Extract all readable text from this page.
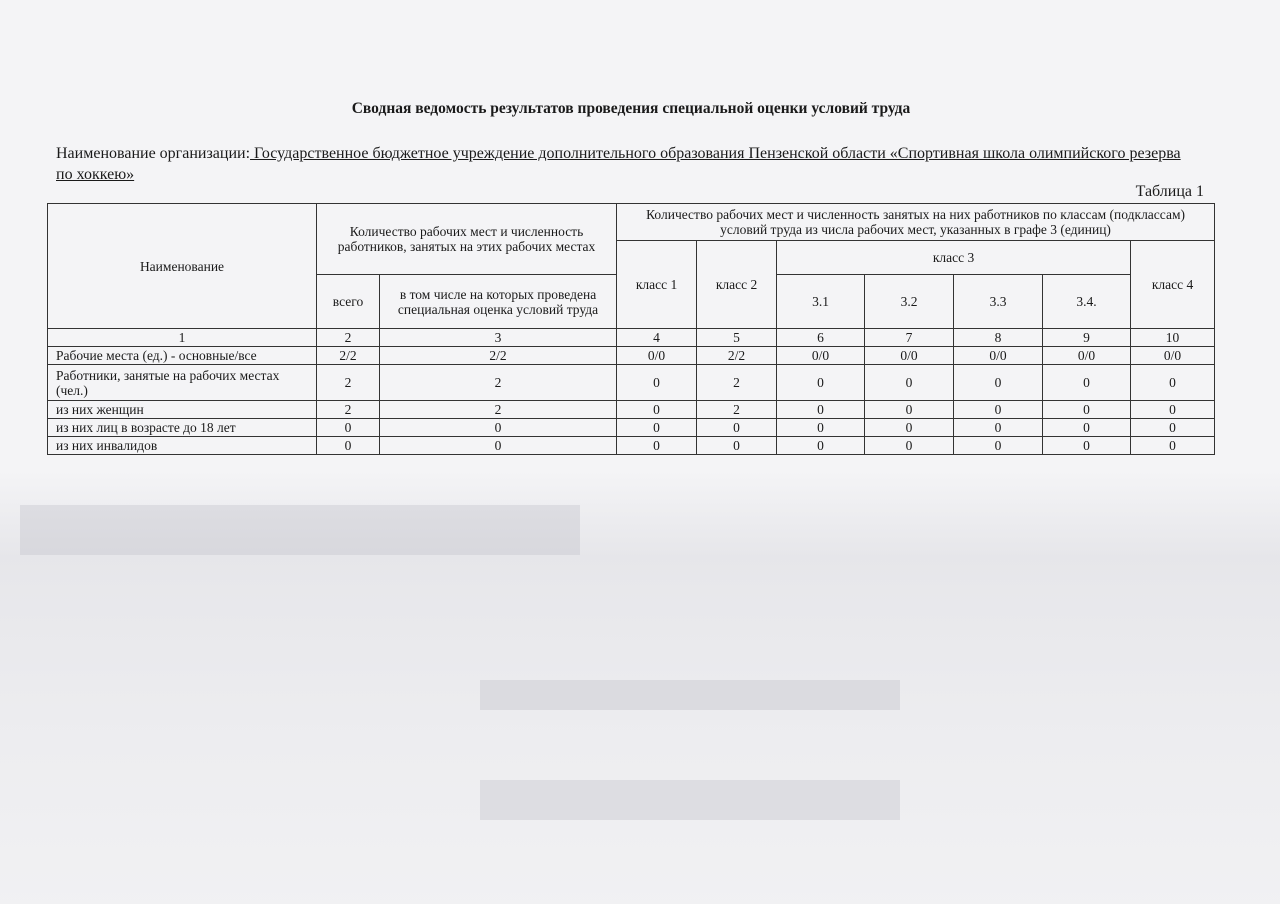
Сводная ведомость результатов проведения специальной оценки условий труда
Наименование организации: Государственное бюджетное учреждение дополнительного образования Пензенской области «Спортивная школа олимпийского резерва по хоккею»
Таблица 1
Наименование	Количество рабочих мест и численность работников, занятых на этих рабочих местах		Количество рабочих мест и численность занятых на них работников по классам (подклассам) условий труда из числа рабочих мест, указанных в графе 3 (единиц)						
			класс 1	класс 2	класс 3				класс 4
	всего	в том числе на которых проведена специальная оценка условий труда			3.1	3.2	3.3	3.4.	
1	2	3	4	5	6	7	8	9	10
Рабочие места (ед.) - основные/все	2/2	2/2	0/0	2/2	0/0	0/0	0/0	0/0	0/0
Работники, занятые на рабочих местах (чел.)	2	2	0	2	0	0	0	0	0
из них женщин	2	2	0	2	0	0	0	0	0
из них лиц в возрасте до 18 лет	0	0	0	0	0	0	0	0	0
из них инвалидов	0	0	0	0	0	0	0	0	0
